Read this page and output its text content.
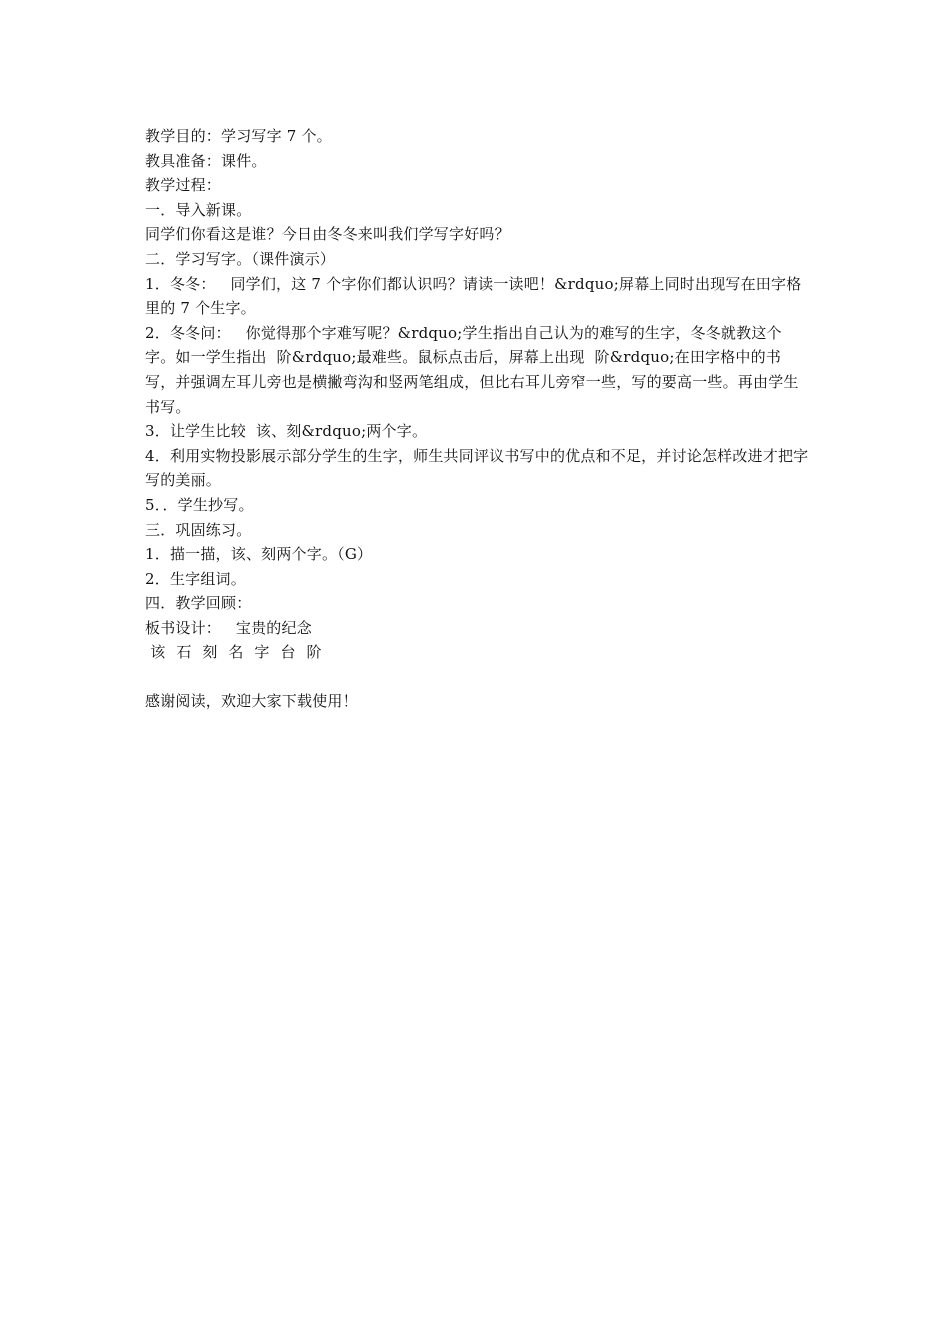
教学目的：学习写字 7 个。

教具准备：课件。

教学过程：

一．导入新课。

同学们你看这是谁？今日由冬冬来叫我们学写字好吗？

二．学习写字。（课件演示）

1．冬冬：   同学们，这 7 个字你们都认识吗？请读一读吧！&rdquo;屏幕上同时出现写在田字格里的 7 个生字。

2．冬冬问：   你觉得那个字难写呢？&rdquo;学生指出自己认为的难写的生字，冬冬就教这个字。如一学生指出  阶&rdquo;最难些。鼠标点击后，屏幕上出现  阶&rdquo;在田字格中的书写，并强调左耳儿旁也是横撇弯沟和竖两笔组成，但比右耳儿旁窄一些，写的要高一些。再由学生书写。

3．让学生比较  该、刻&rdquo;两个字。

4．利用实物投影展示部分学生的生字，师生共同评议书写中的优点和不足，并讨论怎样改进才把字写的美丽。

5．．学生抄写。

三．巩固练习。

1．描一描，该、刻两个字。（G）

2．生字组词。

四．教学回顾：

板书设计：   宝贵的纪念

该  石  刻  名  字  台  阶

感谢阅读，欢迎大家下载使用！
